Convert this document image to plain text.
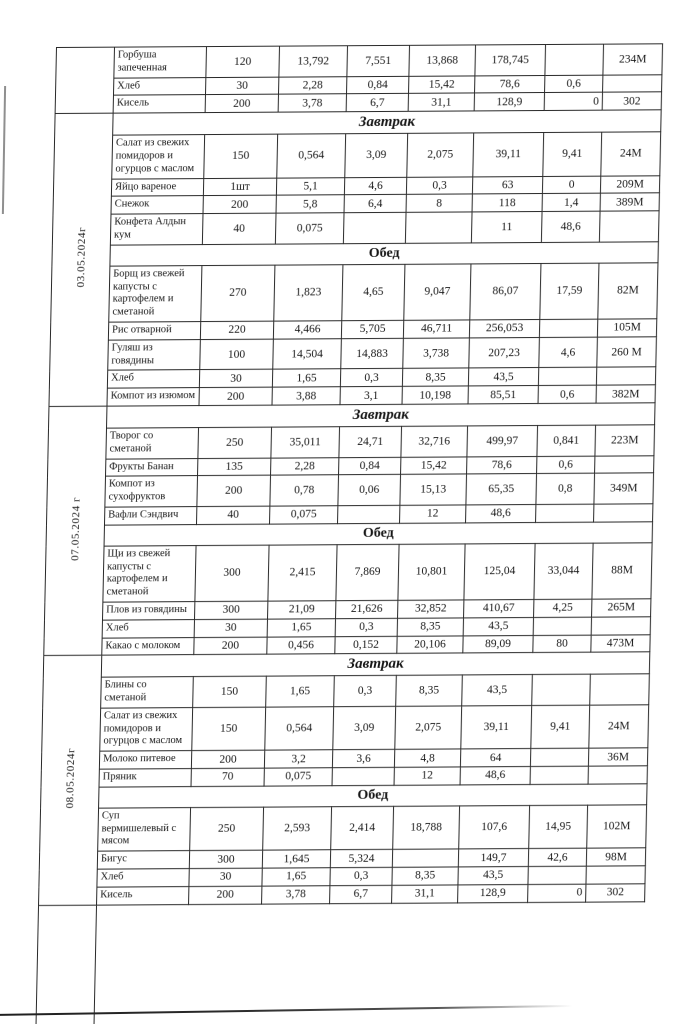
	Горбуша запеченная	120	13,792	7,551	13,868	178,745		234М
	Хлеб	30	2,28	0,84	15,42	78,6	0,6	
	Кисель	200	3,78	6,7	31,1	128,9	0	302
03.05.2024г	Завтрак							
	Салат из свежих помидоров и огурцов с маслом	150	0,564	3,09	2,075	39,11	9,41	24М
	Яйцо вареное	1шт	5,1	4,6	0,3	63	0	209М
	Снежок	200	5,8	6,4	8	118	1,4	389М
	Конфета Алдын кум	40	0,075			11	48,6	
	Обед							
	Борщ из свежей капусты с картофелем и сметаной	270	1,823	4,65	9,047	86,07	17,59	82М
	Рис отварной	220	4,466	5,705	46,711	256,053		105М
	Гуляш из говядины	100	14,504	14,883	3,738	207,23	4,6	260 М
	Хлеб	30	1,65	0,3	8,35	43,5		
	Компот из изюмом	200	3,88	3,1	10,198	85,51	0,6	382М
07.05.2024 г	Завтрак							
	Творог со сметаной	250	35,011	24,71	32,716	499,97	0,841	223М
	Фрукты Банан	135	2,28	0,84	15,42	78,6	0,6	
	Компот из сухофруктов	200	0,78	0,06	15,13	65,35	0,8	349М
	Вафли Сэндвич	40	0,075		12	48,6		
	Обед							
	Щи из свежей капусты с картофелем и сметаной	300	2,415	7,869	10,801	125,04	33,044	88М
	Плов из говядины	300	21,09	21,626	32,852	410,67	4,25	265М
	Хлеб	30	1,65	0,3	8,35	43,5		
	Какао с молоком	200	0,456	0,152	20,106	89,09	80	473М
08.05.2024г	Завтрак							
	Блины со сметаной	150	1,65	0,3	8,35	43,5		
	Салат из свежих помидоров и огурцов с маслом	150	0,564	3,09	2,075	39,11	9,41	24М
	Молоко питевое	200	3,2	3,6	4,8	64		36М
	Пряник	70	0,075		12	48,6		
	Обед							
	Суп вермишелевый с мясом	250	2,593	2,414	18,788	107,6	14,95	102М
	Бигус	300	1,645	5,324		149,7	42,6	98М
	Хлеб	30	1,65	0,3	8,35	43,5		
	Кисель	200	3,78	6,7	31,1	128,9	0	302
